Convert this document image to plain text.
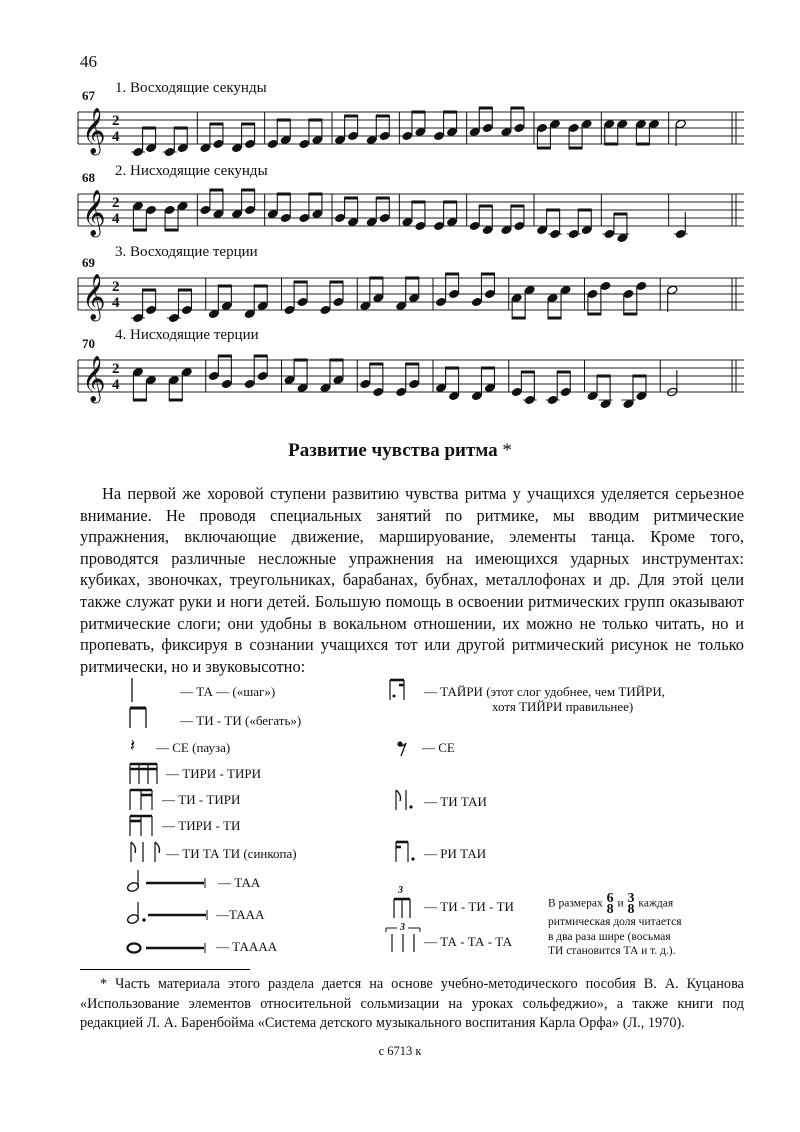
46
67 1. Восходящие секунды
𝄞 2
4
68 2. Нисходящие секунды
𝄞 2
4
69
3. Восходящие терции
𝄞 2
4
70
4. Нисходящие терции
𝄞 2
4
Развитие чувства ритма *

На первой же хоровой ступени развитию чувства ритма у учащихся уделяется серьезное внимание. Не проводя специальных занятий по ритмике, мы вводим ритмические упражнения, включающие движение, маршируование, элементы танца. Кроме того, проводятся различные несложные упражнения на имеющихся ударных инструментах: кубиках, звоночках, треугольниках, барабанах, бубнах, металлофонах и др. Для этой цели также служат руки и ноги детей. Большую помощь в освоении ритмических групп оказывают ритмические слоги; они удобны в вокальном отношении, их можно не только читать, но и пропевать, фиксируя в сознании учащихся тот или другой ритмический рисунок не только ритмически, но и звуковысотно:

— ТА — («шаг»)
— ТИ - ТИ («бегать»)
𝄽 — СЕ (пауза)
— ТИРИ - ТИРИ
— ТИ - ТИРИ
— ТИРИ - ТИ
— ТИ ТА ТИ (синкопа)
— ТАА
—ТААА
— ТАААА
— ТАЙРИ (этот слог удобнее, чем ТИЙРИ,
хотя ТИЙРИ правильнее)
— СЕ
— ТИ ТАИ
— РИ ТАИ
3
— ТИ - ТИ - ТИ
3
— ТА - ТА - ТА
В размерах 6
8 и 3
8 каждая
ритмическая доля читается
в два раза шире (восьмая
ТИ становится ТА и т. д.).

* Часть материала этого раздела дается на основе учебно-методического пособия В. А. Куцанова «Использование элементов относительной сольмизации на уроках сольфеджио», а также книги под редакцией Л. А. Баренбойма «Система детского музыкального воспитания Карла Орфа» (Л., 1970).

с 6713 к
